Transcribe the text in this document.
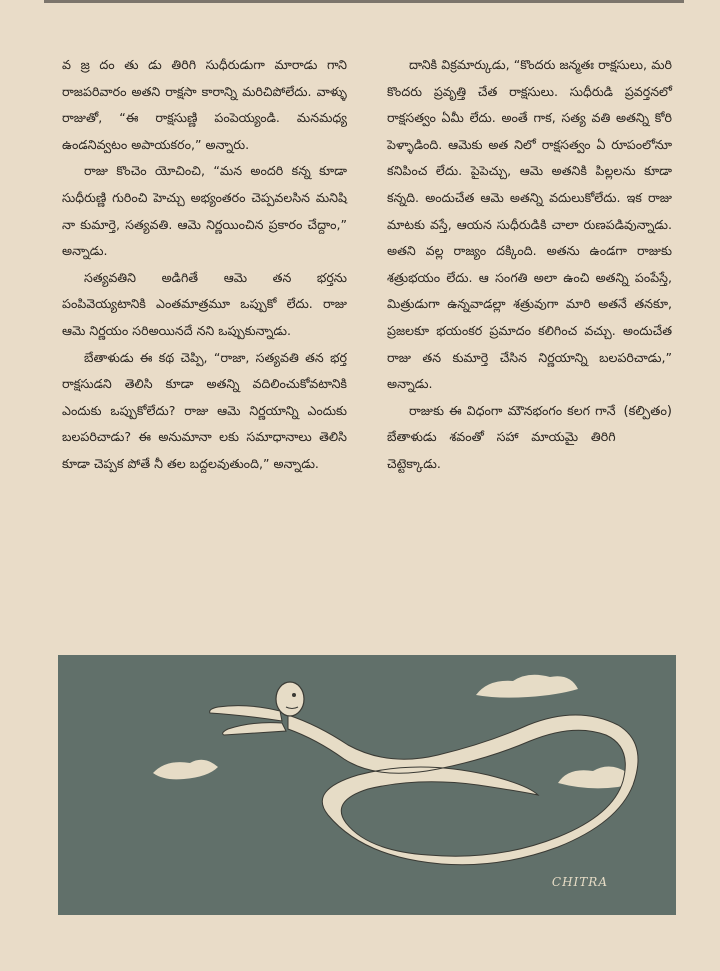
వ జ్ర దం తు డు తిరిగి సుధీరుడుగా మారాడు గాని రాజపరివారం అతని రాక్షసా కారాన్ని మరిచిపోలేదు. వాళ్ళు రాజుతో, “ఈ రాక్షసుణ్ణి పంపెయ్యండి. మనమధ్య ఉండనివ్వటం అపాయకరం,” అన్నారు.

రాజు కొంచెం యోచించి, “మన అందరి కన్న కూడా సుధీరుణ్ణి గురించి హెచ్చు అభ్యంతరం చెప్పవలసిన మనిషి నా కుమార్తె, సత్యవతి. ఆమె నిర్ణయించిన ప్రకారం చేద్దాం,” అన్నాడు.

సత్యవతిని అడిగితే ఆమె తన భర్తను పంపివెయ్యటానికి ఎంతమాత్రమూ ఒప్పుకో లేదు. రాజు ఆమె నిర్ణయం సరిఅయినదే నని ఒప్పుకున్నాడు.

బేతాళుడు ఈ కథ చెప్పి, “రాజా, సత్యవతి తన భర్త రాక్షసుడని తెలిసి కూడా అతన్ని వదిలించుకోవటానికి ఎందుకు ఒప్పుకోలేదు? రాజు ఆమె నిర్ణయాన్ని ఎందుకు బలపరిచాడు? ఈ అనుమానా లకు సమాధానాలు తెలిసి కూడా చెప్పక పోతే నీ తల బద్దలవుతుంది,” అన్నాడు.

దానికి విక్రమార్కుడు, “కొందరు జన్మతః రాక్షసులు, మరి కొందరు ప్రవృత్తి చేత రాక్షసులు. సుధీరుడి ప్రవర్తనలో రాక్షసత్వం ఏమీ లేదు. అంతే గాక, సత్య వతి అతన్ని కోరి పెళ్ళాడింది. ఆమెకు అత నిలో రాక్షసత్వం ఏ రూపంలోనూ కనిపించ లేదు. పైపెచ్చు, ఆమె అతనికి పిల్లలను కూడా కన్నది. అందుచేత ఆమె అతన్ని వదులుకోలేదు. ఇక రాజు మాటకు వస్తే, ఆయన సుధీరుడికి చాలా రుణపడివున్నాడు. అతని వల్ల రాజ్యం దక్కింది. అతను ఉండగా రాజుకు శత్రుభయం లేదు. ఆ సంగతి అలా ఉంచి అతన్ని పంపేస్తే, మిత్రుడుగా ఉన్నవాడల్లా శత్రువుగా మారి అతనే తనకూ, ప్రజలకూ భయంకర ప్రమాదం కలిగించ వచ్చు. అందుచేత రాజు తన కుమార్తె చేసిన నిర్ణయాన్ని బలపరిచాడు,” అన్నాడు.

రాజుకు ఈ విధంగా మౌనభంగం కలగ గానే బేతాళుడు శవంతో సహా మాయమై తిరిగి చెట్టెక్కాడు.

(కల్పితం)
CHITRA
